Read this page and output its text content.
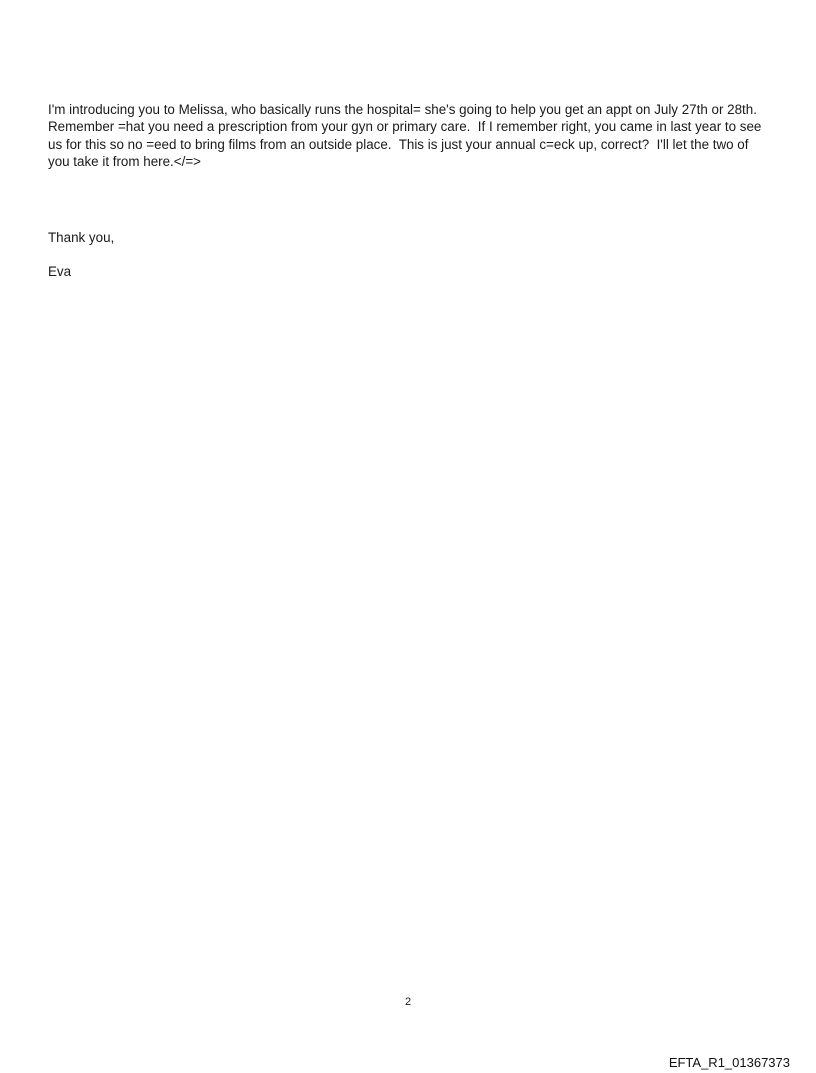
I'm introducing you to Melissa, who basically runs the hospital= she's going to help you get an appt on July 27th or 28th. Remember =hat you need a prescription from your gyn or primary care.  If I remember right, you came in last year to see us for this so no =eed to bring films from an outside place.  This is just your annual c=eck up, correct?  I'll let the two of you take it from here.</=>

Thank you,

Eva

2
EFTA_R1_01367373
